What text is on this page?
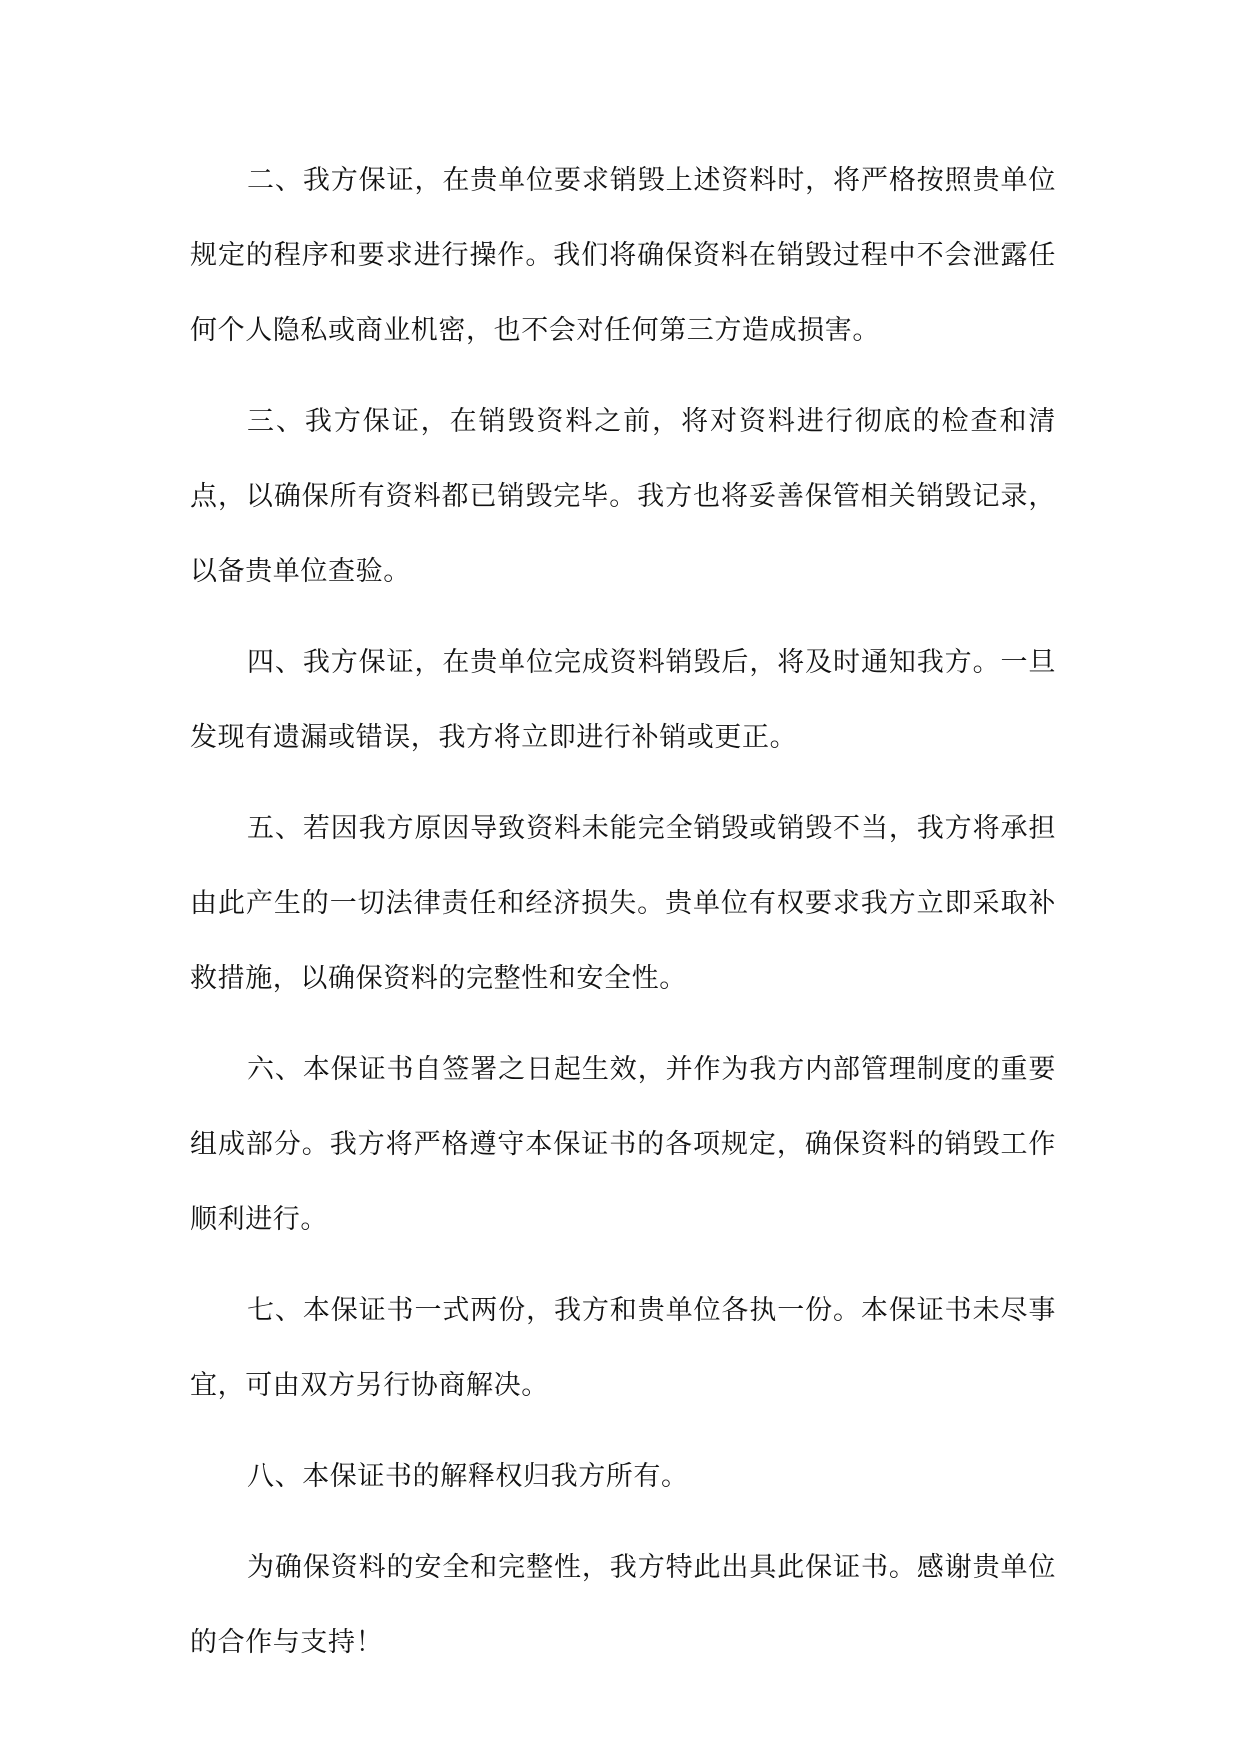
二、我方保证，在贵单位要求销毁上述资料时，将严格按照贵单位规定的程序和要求进行操作。我们将确保资料在销毁过程中不会泄露任何个人隐私或商业机密，也不会对任何第三方造成损害。

三、我方保证，在销毁资料之前，将对资料进行彻底的检查和清点，以确保所有资料都已销毁完毕。我方也将妥善保管相关销毁记录，以备贵单位查验。

四、我方保证，在贵单位完成资料销毁后，将及时通知我方。一旦发现有遗漏或错误，我方将立即进行补销或更正。

五、若因我方原因导致资料未能完全销毁或销毁不当，我方将承担由此产生的一切法律责任和经济损失。贵单位有权要求我方立即采取补救措施，以确保资料的完整性和安全性。

六、本保证书自签署之日起生效，并作为我方内部管理制度的重要组成部分。我方将严格遵守本保证书的各项规定，确保资料的销毁工作顺利进行。

七、本保证书一式两份，我方和贵单位各执一份。本保证书未尽事宜，可由双方另行协商解决。

八、本保证书的解释权归我方所有。

为确保资料的安全和完整性，我方特此出具此保证书。感谢贵单位的合作与支持！
